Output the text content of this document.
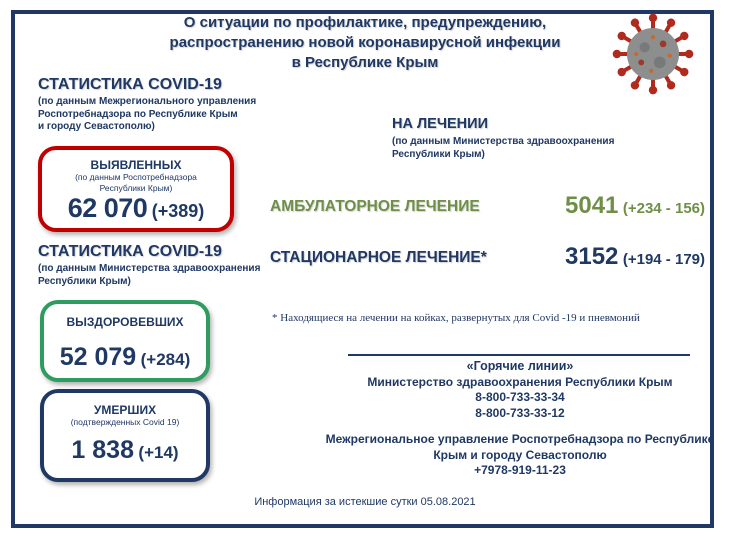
О ситуации по профилактике, предупреждению,
распространению новой коронавирусной инфекции
в Республике Крым
СТАТИСТИКА COVID-19
(по данным Межрегионального управления
Роспотребнадзора по Республике Крым
и городу Севастополю)
ВЫЯВЛЕННЫХ
(по данным Роспотребнадзора
Республики Крым)
62 070 (+389)
СТАТИСТИКА COVID-19
(по данным Министерства здравоохранения
Республики Крым)
ВЫЗДОРОВЕВШИХ
52 079 (+284)
УМЕРШИХ
(подтвержденных Covid 19)
1 838 (+14)
НА ЛЕЧЕНИИ
(по данным Министерства здравоохранения
Республики Крым)
АМБУЛАТОРНОЕ ЛЕЧЕНИЕ	5041 (+234 - 156)
СТАЦИОНАРНОЕ ЛЕЧЕНИЕ*	3152 (+194 - 179)
* Находящиеся на лечении на койках, развернутых для Covid -19 и пневмоний
«Горячие линии»
Министерство здравоохранения Республики Крым
8-800-733-33-34
8-800-733-33-12
Межрегиональное управление Роспотребнадзора по Республике
Крым и городу Севастополю
+7978-919-11-23
Информация за истекшие сутки 05.08.2021
